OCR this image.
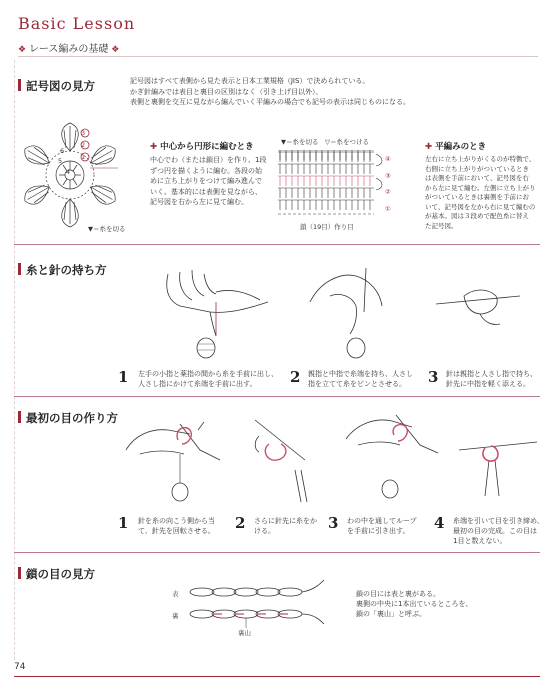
Basic Lesson
❖ レース編みの基礎 ❖
記号図の見方	記号図はすべて表側から見た表示と日本工業規格（JIS）で決められている。
かぎ針編みでは表目と裏目の区別はなく（引き上げ目以外）、
表側と裏側を交互に見ながら編んでいく平編みの場合でも記号の表示は同じものになる。
3
2
1
6
5
4
▼＝糸を切る
✚ 中心から円形に編むとき
中心でわ（または鎖目）を作り、1段
ずつ円を描くように編む。各段の始
めに立ち上がりをつけて編み進んで
いく。基本的には表側を見ながら、
記号図を右から左に見て編む。
▼＝糸を切る　 ▽＝糸をつける
④
③
②
①
鎖（19目）作り目
✚ 平編みのとき
左右に立ち上がりがくるのが特徴で、
右側に立ち上がりがついているとき
は表側を手前において、記号図を右
から左に見て編む。左側に立ち上がり
がついているときは裏側を手前にお
いて、記号図を左から右に見て編むの
が基本。図は３段めで配色糸に替え
た記号図。
糸と針の持ち方
1 左手の小指と薬指の間から糸を手前に出し、
人さし指にかけて糸端を手前に出す。	2 親指と中指で糸端を持ち、人さし
指を立てて糸をピンとさせる。	3 針は親指と人さし指で持ち、
針先に中指を軽く添える。
最初の目の作り方
1 針を糸の向こう側から当
て、針先を回転させる。	2 さらに針先に糸をか
ける。	3 わの中を通してループ
を手前に引き出す。	4 糸端を引いて目を引き締め、
最初の目の完成。この目は
1目と数えない。
鎖の目の見方
表
裏
裏山
鎖の目には表と裏がある。
裏側の中央に1本出ているところを、
鎖の「裏山」と呼ぶ。
74
